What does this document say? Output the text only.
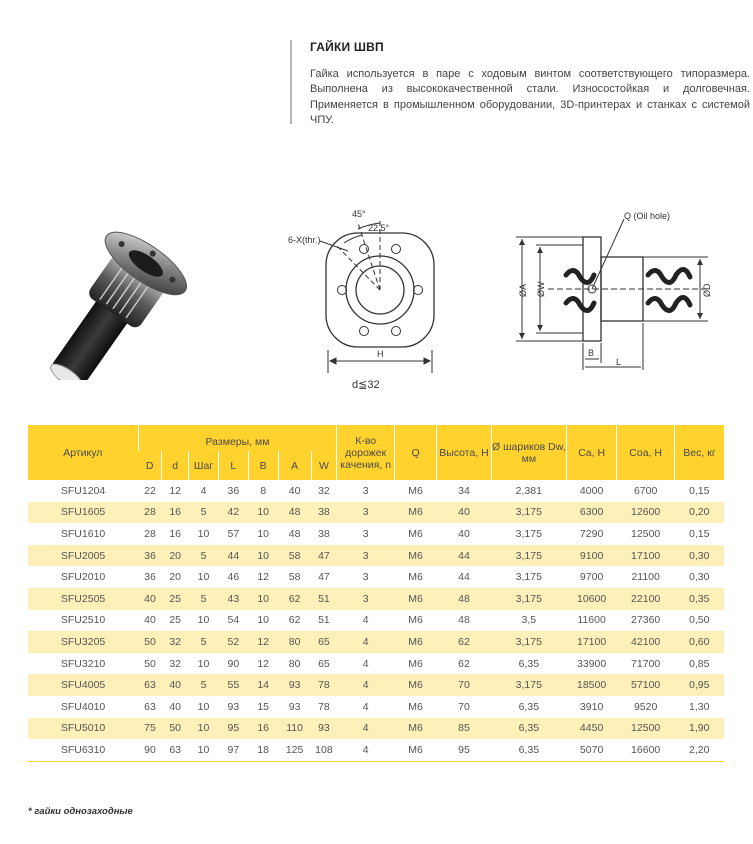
ГАЙКИ ШВП

Гайка используется в паре с ходовым винтом соответствующего типоразмера. Выполнена из высококачественной стали. Износостойкая и долговечная. Применяется в промышленном оборудовании, 3D-принтерах и станках с системой ЧПУ.

45°
22.5°
6-X(thr.)
H
d≦32
Q (Oil hole)
ØA ØW	ØD
B
L
Артикул	Размеры, мм							К-во дорожек качения, n	Q	Высота, H	Ø шариков Dw, мм	Ca, H	Coa, H	Вес, кг
	D	d	Шаг	L	B	A	W							
SFU1204	22	12	4	36	8	40	32	3	M6	34	2,381	4000	6700	0,15
SFU1605	28	16	5	42	10	48	38	3	M6	40	3,175	6300	12600	0,20
SFU1610	28	16	10	57	10	48	38	3	M6	40	3,175	7290	12500	0,15
SFU2005	36	20	5	44	10	58	47	3	M6	44	3,175	9100	17100	0,30
SFU2010	36	20	10	46	12	58	47	3	M6	44	3,175	9700	21100	0,30
SFU2505	40	25	5	43	10	62	51	3	M6	48	3,175	10600	22100	0,35
SFU2510	40	25	10	54	10	62	51	4	M6	48	3,5	11600	27360	0,50
SFU3205	50	32	5	52	12	80	65	4	M6	62	3,175	17100	42100	0,60
SFU3210	50	32	10	90	12	80	65	4	M6	62	6,35	33900	71700	0,85
SFU4005	63	40	5	55	14	93	78	4	M6	70	3,175	18500	57100	0,95
SFU4010	63	40	10	93	15	93	78	4	M6	70	6,35	3910	9520	1,30
SFU5010	75	50	10	95	16	110	93	4	M6	85	6,35	4450	12500	1,90
SFU6310	90	63	10	97	18	125	108	4	M6	95	6,35	5070	16600	2,20
* гайки однозаходные
